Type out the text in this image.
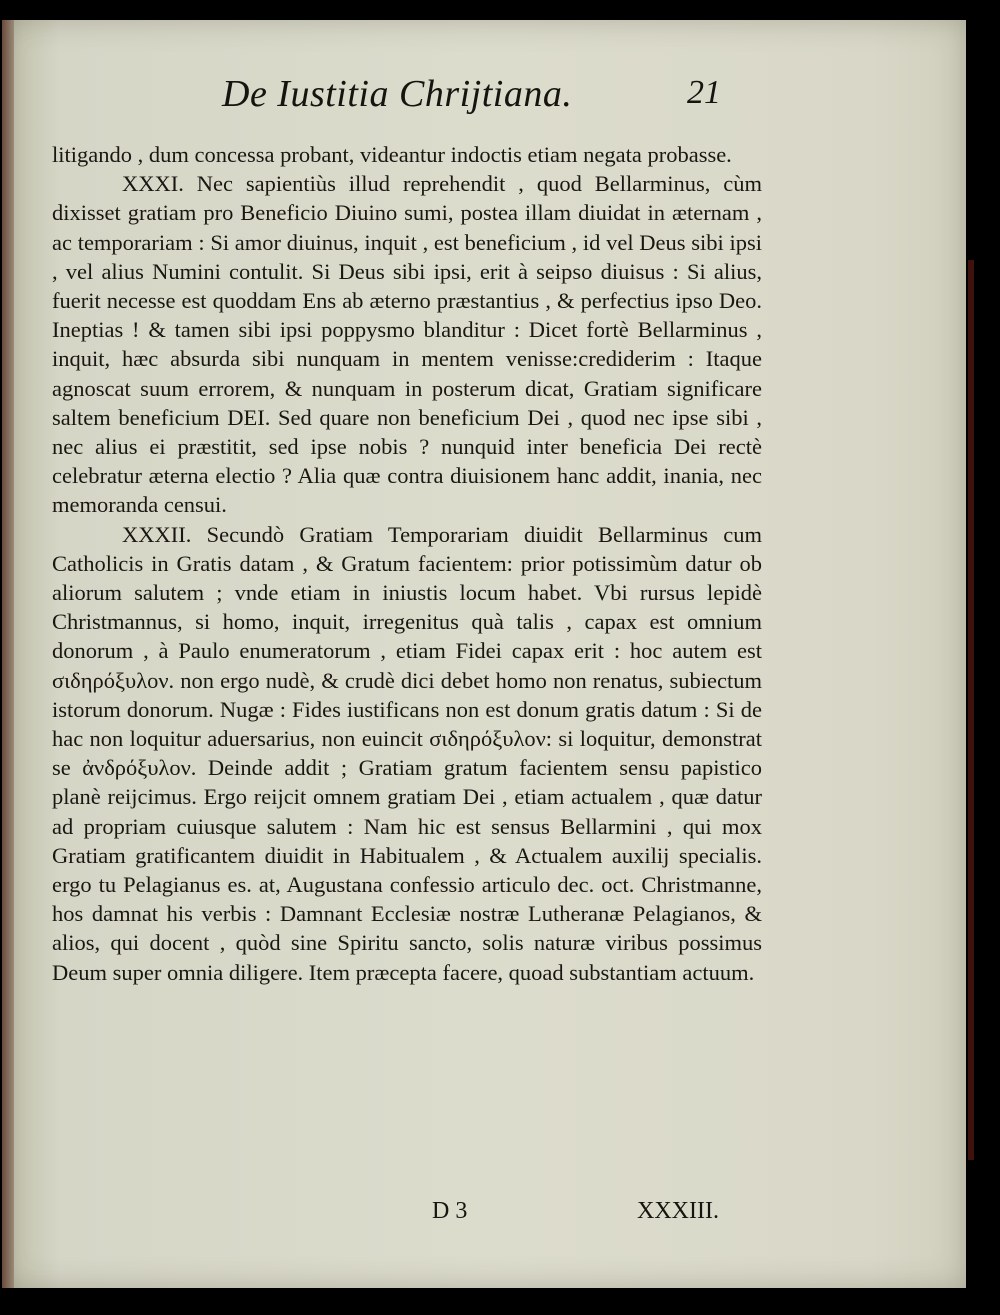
De Iustitia Chrijtiana.	21

litigando , dum concessa probant, videantur indoctis etiam negata probasse.

XXXI. Nec sapientiùs illud reprehendit , quod Bellarminus, cùm dixisset gratiam pro Beneficio Diuino sumi, postea illam diuidat in æternam , ac temporariam : Si amor diuinus, inquit , est beneficium , id vel Deus sibi ipsi , vel alius Numini contulit. Si Deus sibi ipsi, erit à seipso diuisus : Si alius, fuerit necesse est quoddam Ens ab æterno præstantius , & perfectius ipso Deo. Ineptias ! & tamen sibi ipsi poppysmo blanditur : Dicet fortè Bellarminus , inquit, hæc absurda sibi nunquam in mentem venisse:crediderim : Itaque agnoscat suum errorem, & nunquam in posterum dicat, Gratiam significare saltem beneficium DEI. Sed quare non beneficium Dei , quod nec ipse sibi , nec alius ei præstitit, sed ipse nobis ? nunquid inter beneficia Dei rectè celebratur æterna electio ? Alia quæ contra diuisionem hanc addit, inania, nec memoranda censui.

XXXII. Secundò Gratiam Temporariam diuidit Bellarminus cum Catholicis in Gratis datam , & Gratum facientem: prior potissimùm datur ob aliorum salutem ; vnde etiam in iniustis locum habet. Vbi rursus lepidè Christmannus, si homo, inquit, irregenitus quà talis , capax est omnium donorum , à Paulo enumeratorum , etiam Fidei capax erit : hoc autem est σιδηρόξυλον. non ergo nudè, & crudè dici debet homo non renatus, subiectum istorum donorum. Nugæ : Fides iustificans non est donum gratis datum : Si de hac non loquitur aduersarius, non euincit σιδηρόξυλον: si loquitur, demonstrat se ἀνδρόξυλον. Deinde addit ; Gratiam gratum facientem sensu papistico planè reijcimus. Ergo reijcit omnem gratiam Dei , etiam actualem , quæ datur ad propriam cuiusque salutem : Nam hic est sensus Bellarmini , qui mox Gratiam gratificantem diuidit in Habitualem , & Actualem auxilij specialis. ergo tu Pelagianus es. at, Augustana confessio articulo dec. oct. Christmanne, hos damnat his verbis : Damnant Ecclesiæ nostræ Lutheranæ Pelagianos, & alios, qui docent , quòd sine Spiritu sancto, solis naturæ viribus possimus Deum super omnia diligere. Item præcepta facere, quoad substantiam actuum.

D 3	XXXIII.
